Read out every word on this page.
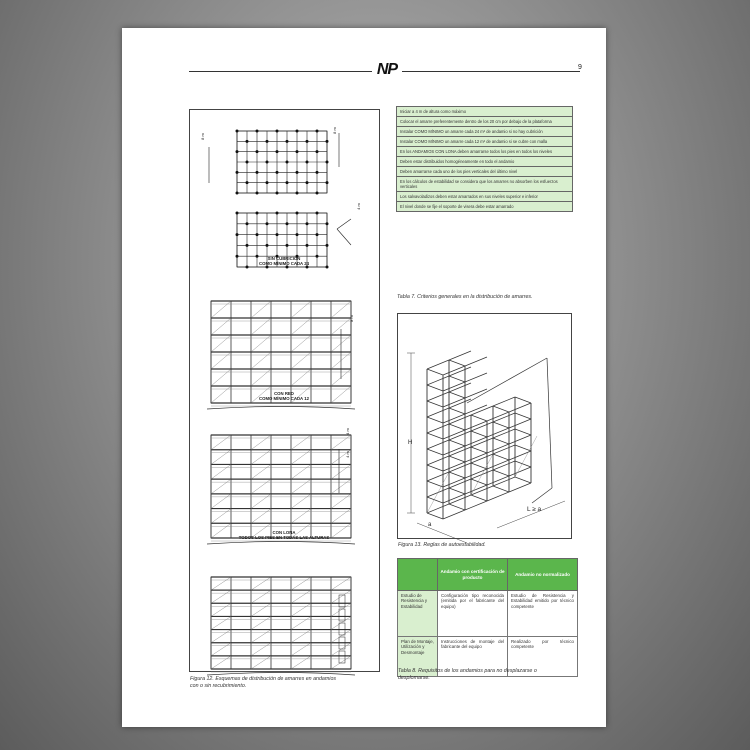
NP	9
SIN CUBRICIÓN
COMO MÍNIMO CADA 24
CON RED
COMO MÍNIMO CADA 12
CON LONA
TODOS LOS PIES EN TODAS LAS ALTURAS
8 m
8 m
4 m
8 m
4 m
4 m
Figura 12. Esquemas de distribución de amarres en andamios
con o sin recubrimiento.
Iniciar a 4 m de altura como máximo
Colocar el amarre preferentemente dentro de los 20 cm por debajo de la plataforma
Instalar COMO MÍNIMO un amarre cada 24 m² de andamio si no hay cubrición
Instalar COMO MÍNIMO un amarre cada 12 m² de andamio si se cubre con malla
En los ANDAMIOS CON LONA deben amarrarse todos los pies en todos los niveles
Deben estar distribuidos homogéneamente en todo el andamio
Deben amarrarse cada uno de los pies verticales del último nivel
En los cálculos de estabilidad se considera que los amarres no absorben los esfuerzos verticales
Los salvavoladizos deben estar amarrados en sus niveles superior e inferior
El nivel donde se fije el soporte de visera debe estar amarrado
Tabla 7. Criterios generales en la distribución de amarres.
H
a
L ≥ a
Figura 13. Reglas de autoestabilidad.
	Andamio con certificación de producto	Andamio no normalizado
Estudio de Resistencia y Estabilidad	Configuración tipo reconocida (emitida por el fabricante del equipo)	Estudio de Resistencia y Estabilidad emitido por técnico competente
Plan de Montaje, Utilización y Desmontaje	Instrucciones de montaje del fabricante del equipo	Realizado por técnico competente
Tabla 8. Requisitos de los andamios para no desplazarse o
desplomarse.
